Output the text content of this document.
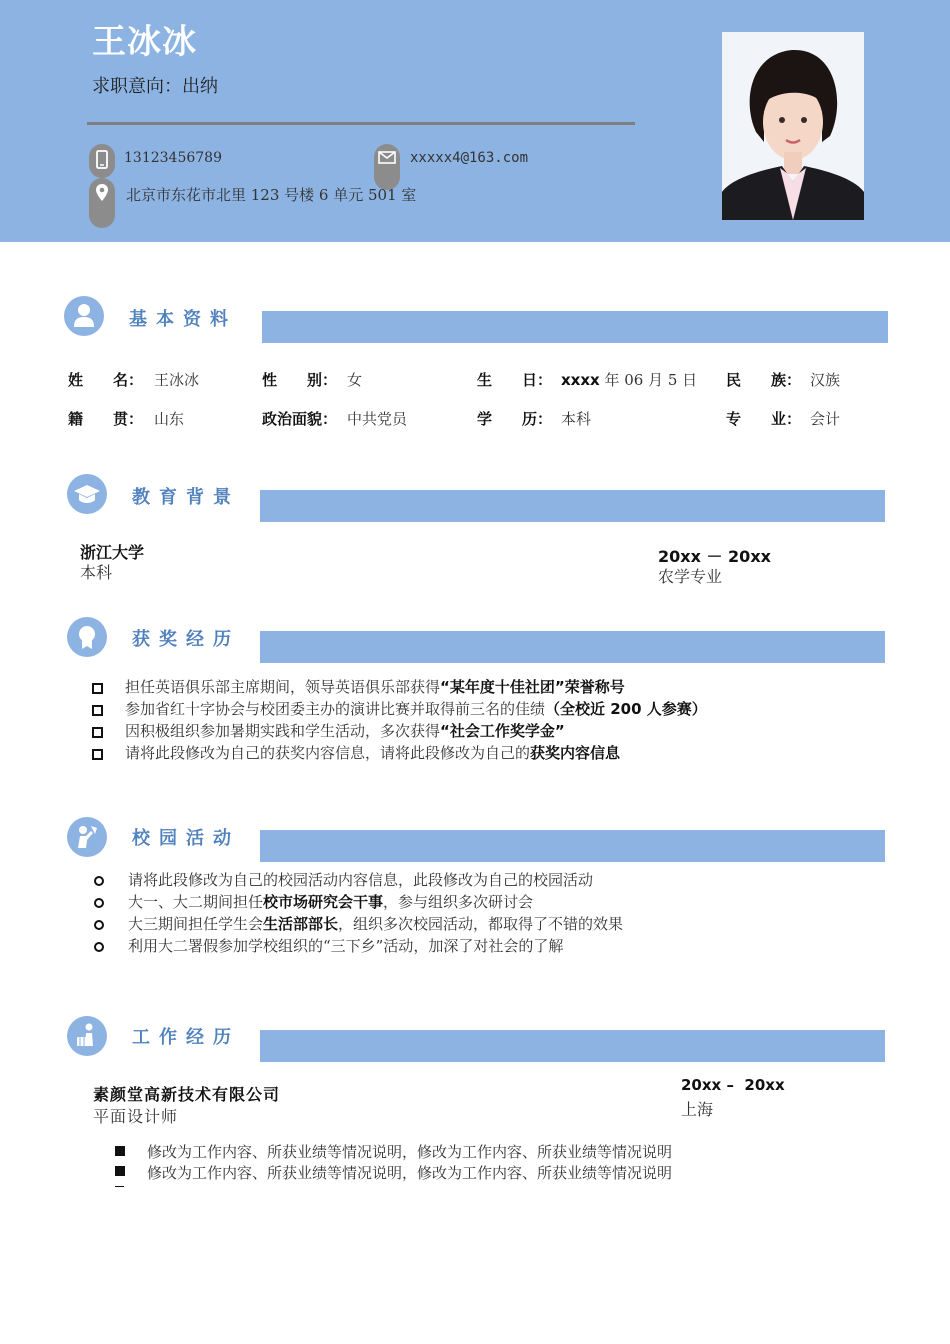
王冰冰
求职意向：出纳
13123456789	xxxxx4@163.com
北京市东花市北里 123 号楼 6 单元 501 室
基本资料
姓　　名： 王冰冰	性　　别： 女	生　　日： xxxx 年 06 月 5 日 民　　族： 汉族
籍　　贯： 山东	政治面貌： 中共党员	学　　历： 本科	专　　业： 会计
教育背景
浙江大学
本科
20xx － 20xx
农学专业
获奖经历
担任英语俱乐部主席期间，领导英语俱乐部获得“某年度十佳社团”荣誉称号
参加省红十字协会与校团委主办的演讲比赛并取得前三名的佳绩（全校近 200 人参赛）
因积极组织参加暑期实践和学生活动，多次获得“社会工作奖学金”
请将此段修改为自己的获奖内容信息，请将此段修改为自己的获奖内容信息
校园活动
请将此段修改为自己的校园活动内容信息，此段修改为自己的校园活动
大一、大二期间担任校市场研究会干事，参与组织多次研讨会
大三期间担任学生会生活部部长，组织多次校园活动，都取得了不错的效果
利用大二署假参加学校组织的“三下乡”活动，加深了对社会的了解
工作经历
素颜堂高新技术有限公司
平面设计师
20xx –  20xx
上海
修改为工作内容、所获业绩等情况说明，修改为工作内容、所获业绩等情况说明
修改为工作内容、所获业绩等情况说明，修改为工作内容、所获业绩等情况说明
